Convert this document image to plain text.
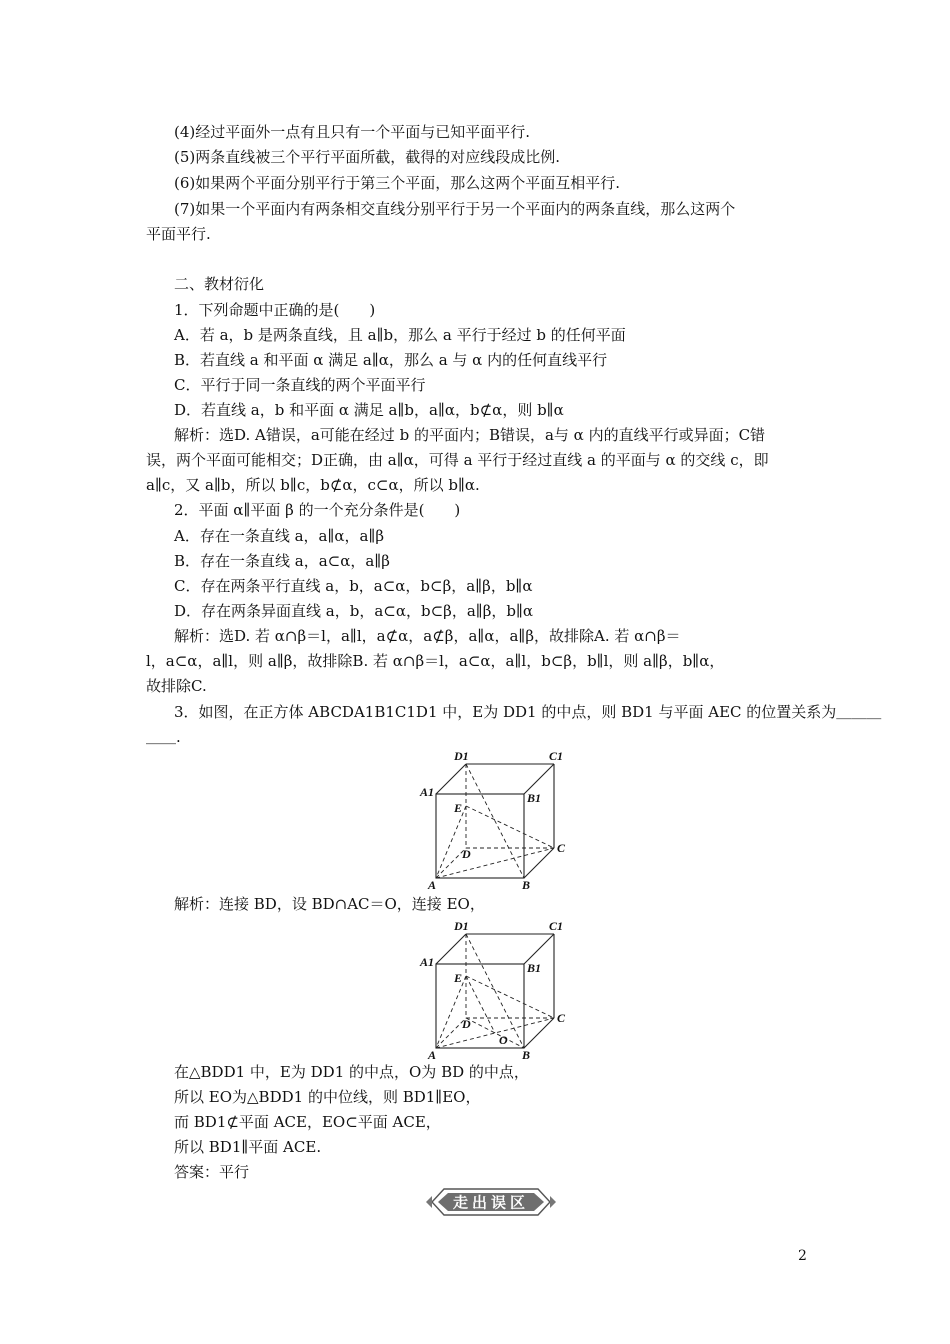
(4)经过平面外一点有且只有一个平面与已知平面平行.
(5)两条直线被三个平行平面所截，截得的对应线段成比例.
(6)如果两个平面分别平行于第三个平面，那么这两个平面互相平行.
(7)如果一个平面内有两条相交直线分别平行于另一个平面内的两条直线，那么这两个
平面平行.
二、教材衍化
1．下列命题中正确的是(　　)
A．若 a，b 是两条直线，且 a∥b，那么 a 平行于经过 b 的任何平面
B．若直线 a 和平面 α 满足 a∥α，那么 a 与 α 内的任何直线平行
C．平行于同一条直线的两个平面平行
D．若直线 a，b 和平面 α 满足 a∥b，a∥α，b⊄α，则 b∥α
解析：选D. A错误，a可能在经过 b 的平面内；B错误，a与 α 内的直线平行或异面；C错
误，两个平面可能相交；D正确，由 a∥α，可得 a 平行于经过直线 a 的平面与 α 的交线 c，即
a∥c，又 a∥b，所以 b∥c，b⊄α，c⊂α，所以 b∥α.
2．平面 α∥平面 β 的一个充分条件是(　　)
A．存在一条直线 a，a∥α，a∥β
B．存在一条直线 a，a⊂α，a∥β
C．存在两条平行直线 a，b，a⊂α，b⊂β，a∥β，b∥α
D．存在两条异面直线 a，b，a⊂α，b⊂β，a∥β，b∥α
解析：选D. 若 α∩β＝l，a∥l，a⊄α，a⊄β，a∥α，a∥β，故排除A. 若 α∩β＝
l，a⊂α，a∥l，则 a∥β，故排除B. 若 α∩β＝l，a⊂α，a∥l，b⊂β，b∥l，则 a∥β，b∥α，
故排除C.
3．如图，在正方体 ABCDA1B1C1D1 中，E为 DD1 的中点，则 BD1 与平面 AEC 的位置关系为＿＿＿
＿＿.
D1	C1
A1	B1
E
D	C
A	B
解析：连接 BD，设 BD∩AC＝O，连接 EO，
D1	C1
A1	B1
E
D	C
A	B
O
在△BDD1 中，E为 DD1 的中点，O为 BD 的中点，
所以 EO为△BDD1 的中位线，则 BD1∥EO，
而 BD1⊄平面 ACE，EO⊂平面 ACE，
所以 BD1∥平面 ACE.
答案：平行
走出误区
2
